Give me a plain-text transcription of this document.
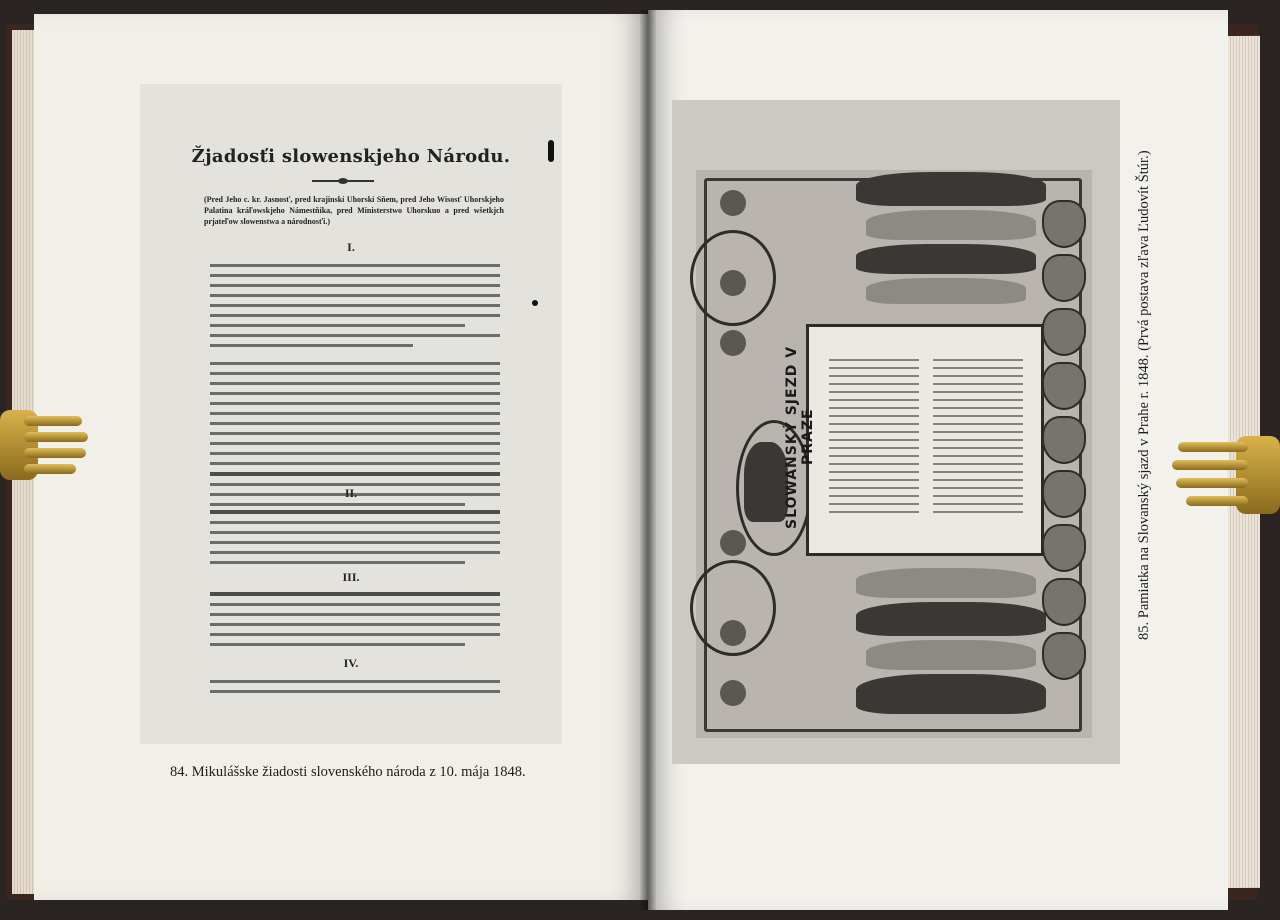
Žjadosťi slowenskjeho Národu.
(Pred Jeho c. kr. Jasnosť, pred krajinskí Uhorskí Sňem, pred Jeho Wisosť Uhorskjeho Palatina kráľowskjeho Námestňíka, pred Mínisterstwo Uhorskuo a pred wšetkjch prjateľow slowenstwa a národnosťi.)
I.
II.
III.
IV.
84. Mikulášske žiadosti slovenského národa z 10. mája 1848.
SLOWANSKÝ SJEZD V PRAZE	85. Pamiatka na Slovanský sjazd v Prahe r. 1848. (Prvá postava zľava Ľudovít Štúr.)
